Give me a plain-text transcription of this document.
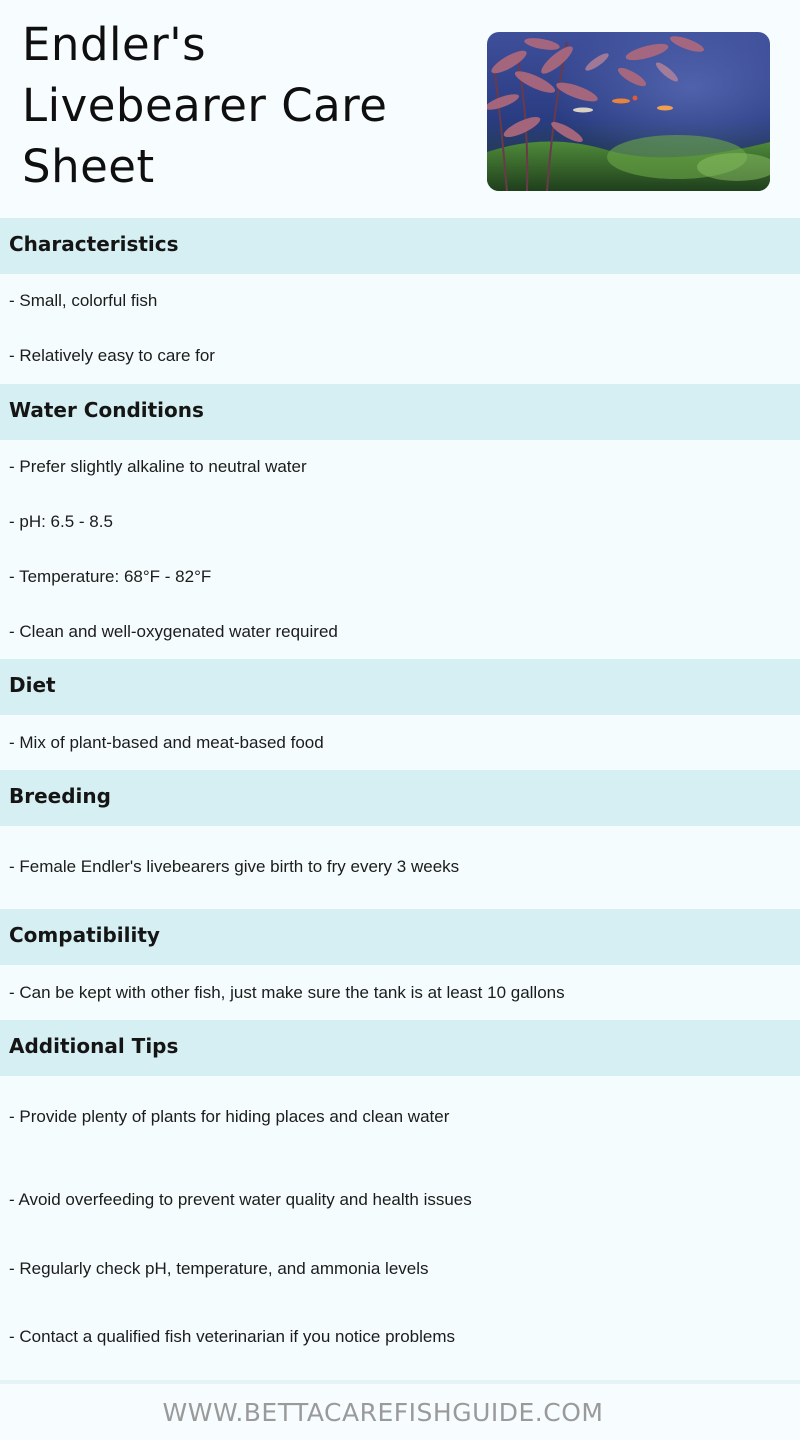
Endler's Livebearer Care Sheet
Characteristics
- Small, colorful fish
- Relatively easy to care for
Water Conditions
- Prefer slightly alkaline to neutral water
- pH: 6.5 - 8.5
- Temperature: 68°F - 82°F
- Clean and well-oxygenated water required
Diet
- Mix of plant-based and meat-based food
Breeding
- Female Endler's livebearers give birth to fry every 3 weeks
Compatibility
- Can be kept with other fish, just make sure the tank is at least 10 gallons
Additional Tips
- Provide plenty of plants for hiding places and clean water
- Avoid overfeeding to prevent water quality and health issues
- Regularly check pH, temperature, and ammonia levels
- Contact a qualified fish veterinarian if you notice problems
WWW.BETTACAREFISHGUIDE.COM
